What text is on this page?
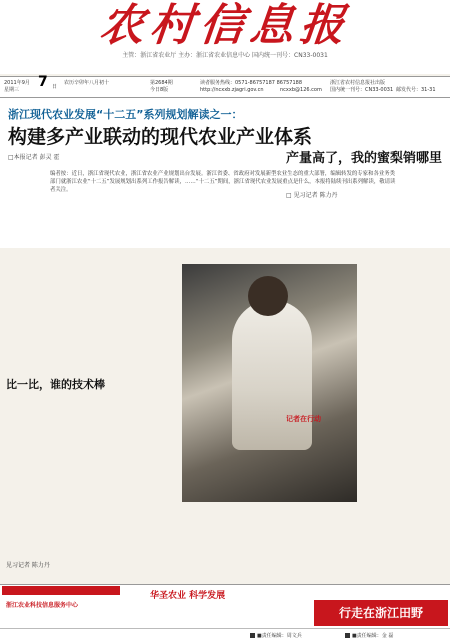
农村信息报
主管：浙江省农业厅 主办：浙江省农业信息中心 国内统一刊号：CN33-0031
2011年9月
星期三 7 日
农历辛卯年八月初十	第2684期
今日8版
读者服务热线：0571-86757187 86757188
http://ncxxb.zjagri.gov.cn	ncxxb@126.com
浙江省农村信息报社出版
国内统一刊号：CN33-0031 邮发代号：31-31
浙江现代农业发展“十二五”系列规划解读之一：
构建多产业联动的现代农业产业体系
□本报记者 彭灵 霍
编者按：近日，浙江省现代农业，浙江省农业产业规划出台发展。浙江省委、省政府对发展新型农业生态的重大部署，编辑转发的专家和各业务类部门就浙江农业“十二五”发展规划出系列工作报告解读，……“十二五”期间，浙江省现代农业发展重点是什么，本报将陆续刊出系列解读，敬请读者关注。
产量高了，我的蜜梨销哪里
□ 见习记者 陈力丹
记者在行动
比一比，谁的技术棒
见习记者 陈力丹
浙江农业科技信息服务中心
华圣农业 科学发展
行走在浙江田野
■责任编辑：周文兵	■责任编辑：金 磊
